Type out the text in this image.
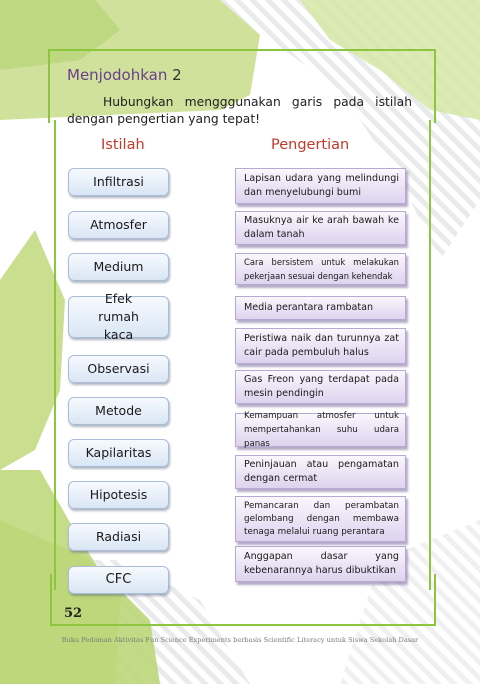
Menjodohkan 2
Hubungkan mengggunakan garis pada istilah dengan pengertian yang tepat!
Istilah	Pengertian
Infiltrasi
Atmosfer
Medium
Efek rumah kaca
Observasi
Metode
Kapilaritas
Hipotesis
Radiasi
CFC
Lapisan udara yang melindungi dan menyelubungi bumi
Masuknya air ke arah bawah ke dalam tanah
Cara bersistem untuk melakukan pekerjaan sesuai dengan kehendak
Media perantara rambatan
Peristiwa naik dan turunnya zat cair pada pembuluh halus
Gas Freon yang terdapat pada mesin pendingin
Kemampuan atmosfer untuk mempertahankan suhu udara panas
Peninjauan atau pengamatan dengan cermat
Pemancaran dan perambatan gelombang dengan membawa tenaga melalui ruang perantara
Anggapan dasar yang kebenarannya harus dibuktikan
52
Buku Pedoman Aktivitas Fun Science Experiments berbasis Scientific Literacy untuk Siswa Sekolah Dasar
